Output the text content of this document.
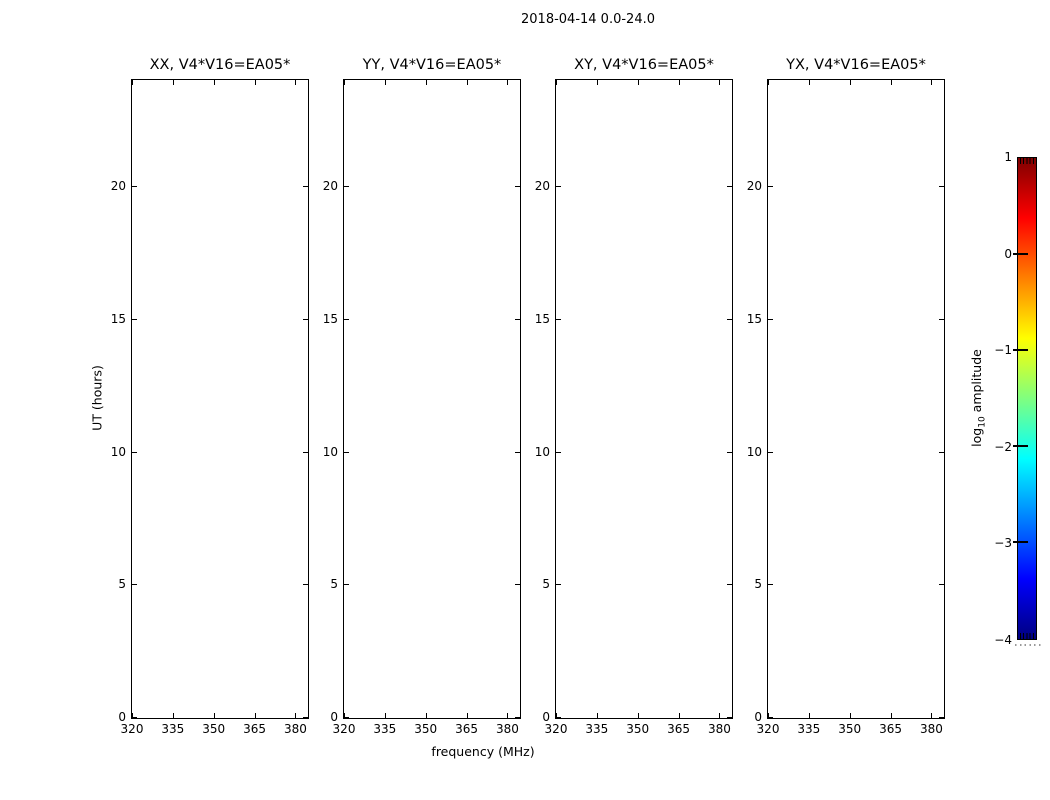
2018-04-14 0.0-24.0
UT (hours)
frequency (MHz)
XX, V4*V16=EA05*
320	335	350	365	380
0
5
10
15
20
YY, V4*V16=EA05*
320	335	350	365	380
0
5
10
15
20
XY, V4*V16=EA05*
320	335	350	365	380
0
5
10
15
20
YX, V4*V16=EA05*
320	335	350	365	380
0
5
10
15
20
$\log_{10}$ amplitude
1
0
−1
−2
−3
−4
